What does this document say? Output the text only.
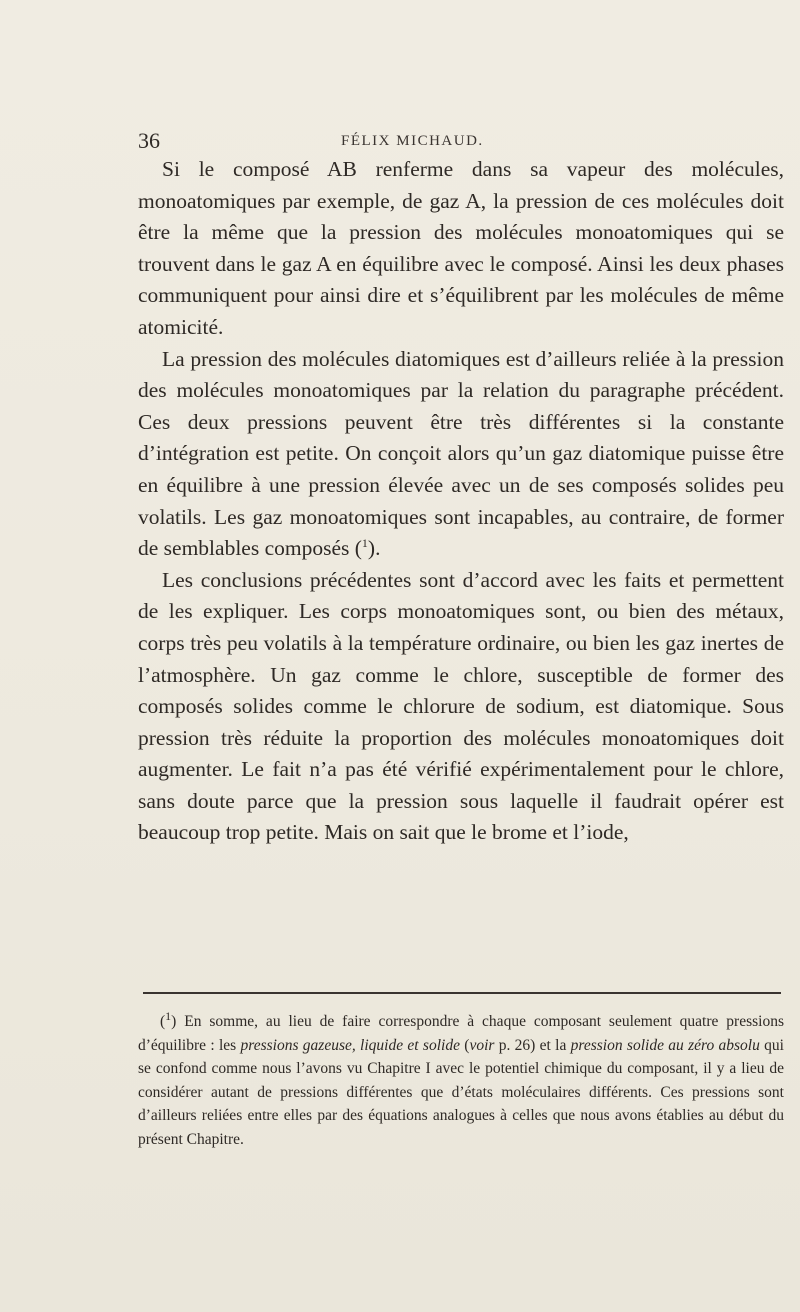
36	FÉLIX MICHAUD.

Si le composé AB renferme dans sa vapeur des molécules, monoatomiques par exemple, de gaz A, la pression de ces molécules doit être la même que la pression des molécules monoatomiques qui se trouvent dans le gaz A en équilibre avec le composé. Ainsi les deux phases communiquent pour ainsi dire et s’équilibrent par les molécules de même atomicité.

La pression des molécules diatomiques est d’ailleurs reliée à la pression des molécules monoatomiques par la relation du paragraphe précédent. Ces deux pressions peuvent être très différentes si la constante d’intégration est petite. On conçoit alors qu’un gaz diatomique puisse être en équilibre à une pression élevée avec un de ses composés solides peu volatils. Les gaz monoatomiques sont incapables, au contraire, de former de semblables composés ($^1$).

Les conclusions précédentes sont d’accord avec les faits et permettent de les expliquer. Les corps monoatomiques sont, ou bien des métaux, corps très peu volatils à la température ordinaire, ou bien les gaz inertes de l’atmosphère. Un gaz comme le chlore, susceptible de former des composés solides comme le chlorure de sodium, est diatomique. Sous pression très réduite la proportion des molécules monoatomiques doit augmenter. Le fait n’a pas été vérifié expérimentalement pour le chlore, sans doute parce que la pression sous laquelle il faudrait opérer est beaucoup trop petite. Mais on sait que le brome et l’iode,

($^1$) En somme, au lieu de faire correspondre à chaque composant seulement quatre pressions d’équilibre : les pressions gazeuse, liquide et solide (voir p. 26) et la pression solide au zéro absolu qui se confond comme nous l’avons vu Chapitre I avec le potentiel chimique du composant, il y a lieu de considérer autant de pressions différentes que d’états moléculaires différents. Ces pressions sont d’ailleurs reliées entre elles par des équations analogues à celles que nous avons établies au début du présent Chapitre.
